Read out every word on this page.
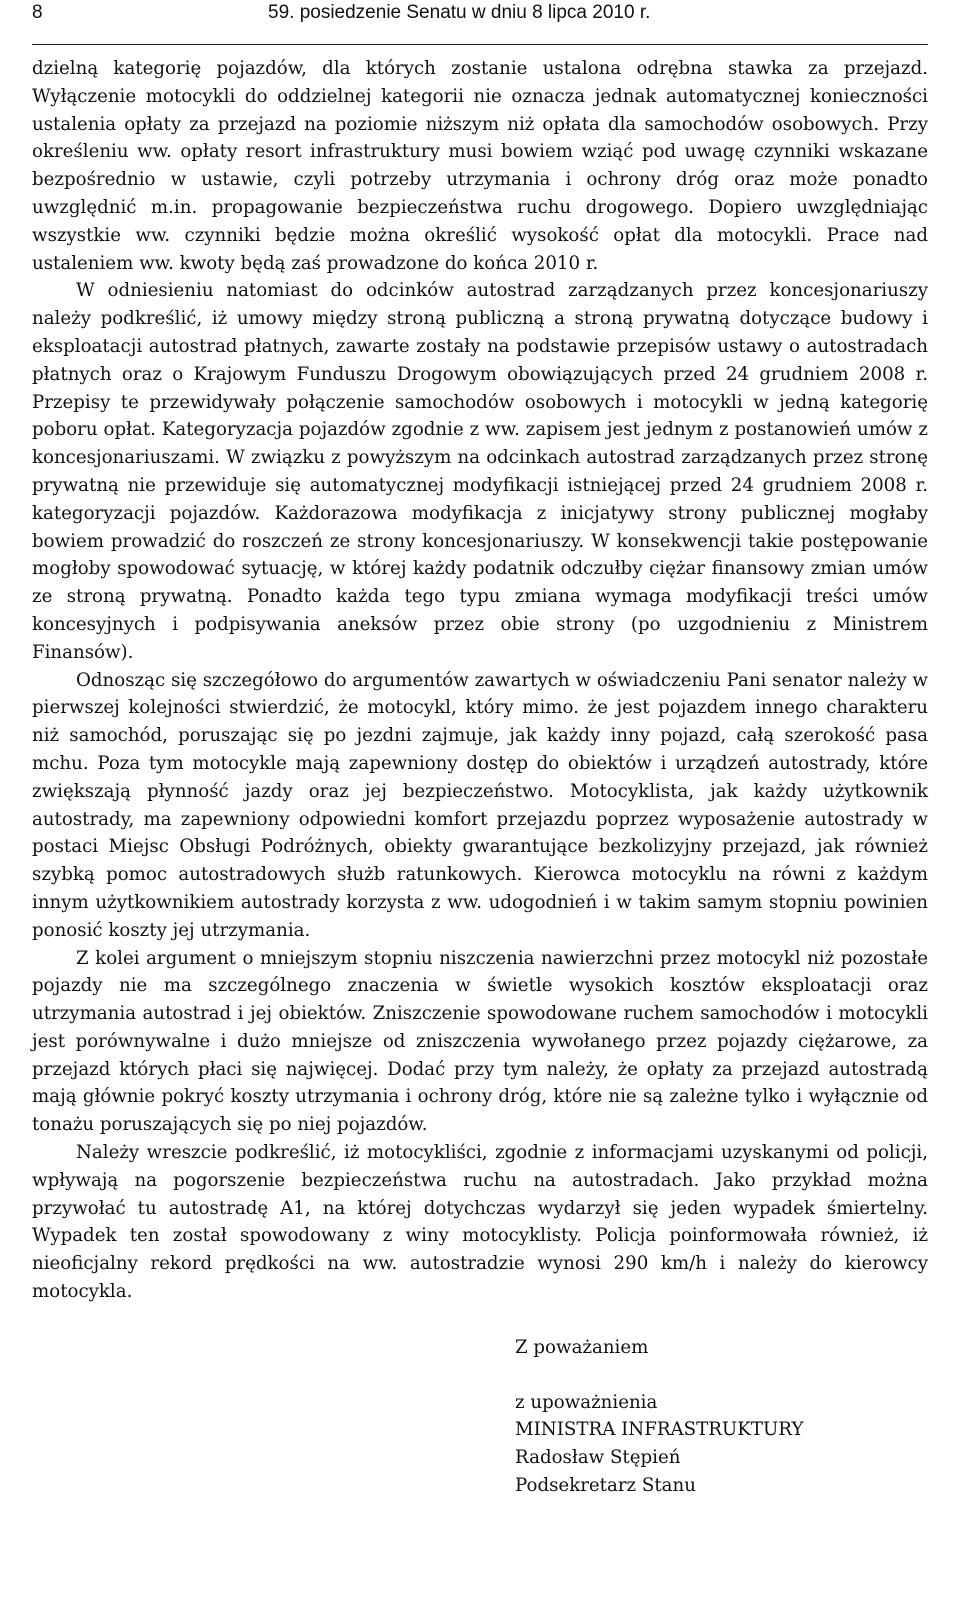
8	59. posiedzenie Senatu w dniu 8 lipca 2010 r.

dzielną kategorię pojazdów, dla których zostanie ustalona odrębna stawka za przejazd. Wyłączenie motocykli do oddzielnej kategorii nie oznacza jednak automatycznej konieczności ustalenia opłaty za przejazd na poziomie niższym niż opłata dla samochodów osobowych. Przy określeniu ww. opłaty resort infrastruktury musi bowiem wziąć pod uwagę czynniki wskazane bezpośrednio w ustawie, czyli potrzeby utrzymania i ochrony dróg oraz może ponadto uwzględnić m.in. propagowanie bezpieczeństwa ruchu drogowego. Dopiero uwzględniając wszystkie ww. czynniki będzie można określić wysokość opłat dla motocykli. Prace nad ustaleniem ww. kwoty będą zaś prowadzone do końca 2010 r.

W odniesieniu natomiast do odcinków autostrad zarządzanych przez koncesjonariuszy należy podkreślić, iż umowy między stroną publiczną a stroną prywatną dotyczące budowy i eksploatacji autostrad płatnych, zawarte zostały na podstawie przepisów ustawy o autostradach płatnych oraz o Krajowym Funduszu Drogowym obowiązujących przed 24 grudniem 2008 r. Przepisy te przewidywały połączenie samochodów osobowych i motocykli w jedną kategorię poboru opłat. Kategoryzacja pojazdów zgodnie z ww. zapisem jest jednym z postanowień umów z koncesjonariuszami. W związku z powyższym na odcinkach autostrad zarządzanych przez stronę prywatną nie przewiduje się automatycznej modyfikacji istniejącej przed 24 grudniem 2008 r. kategoryzacji pojazdów. Każdorazowa modyfikacja z inicjatywy strony publicznej mogłaby bowiem prowadzić do roszczeń ze strony koncesjonariuszy. W konsekwencji takie postępowanie mogłoby spowodować sytuację, w której każdy podatnik odczułby ciężar finansowy zmian umów ze stroną prywatną. Ponadto każda tego typu zmiana wymaga modyfikacji treści umów koncesyjnych i podpisywania aneksów przez obie strony (po uzgodnieniu z Ministrem Finansów).

Odnosząc się szczegółowo do argumentów zawartych w oświadczeniu Pani senator należy w pierwszej kolejności stwierdzić, że motocykl, który mimo. że jest pojazdem innego charakteru niż samochód, poruszając się po jezdni zajmuje, jak każdy inny pojazd, całą szerokość pasa mchu. Poza tym motocykle mają zapewniony dostęp do obiektów i urządzeń autostrady, które zwiększają płynność jazdy oraz jej bezpieczeństwo. Motocyklista, jak każdy użytkownik autostrady, ma zapewniony odpowiedni komfort przejazdu poprzez wyposażenie autostrady w postaci Miejsc Obsługi Podróżnych, obiekty gwarantujące bezkolizyjny przejazd, jak również szybką pomoc autostradowych służb ratunkowych. Kierowca motocyklu na równi z każdym innym użytkownikiem autostrady korzysta z ww. udogodnień i w takim samym stopniu powinien ponosić koszty jej utrzymania.

Z kolei argument o mniejszym stopniu niszczenia nawierzchni przez motocykl niż pozostałe pojazdy nie ma szczególnego znaczenia w świetle wysokich kosztów eksploatacji oraz utrzymania autostrad i jej obiektów. Zniszczenie spowodowane ruchem samochodów i motocykli jest porównywalne i dużo mniejsze od zniszczenia wywołanego przez pojazdy ciężarowe, za przejazd których płaci się najwięcej. Dodać przy tym należy, że opłaty za przejazd autostradą mają głównie pokryć koszty utrzymania i ochrony dróg, które nie są zależne tylko i wyłącznie od tonażu poruszających się po niej pojazdów.

Należy wreszcie podkreślić, iż motocykliści, zgodnie z informacjami uzyskanymi od policji, wpływają na pogorszenie bezpieczeństwa ruchu na autostradach. Jako przykład można przywołać tu autostradę A1, na której dotychczas wydarzył się jeden wypadek śmiertelny. Wypadek ten został spowodowany z winy motocyklisty. Policja poinformowała również, iż nieoficjalny rekord prędkości na ww. autostradzie wynosi 290 km/h i należy do kierowcy motocykla.

Z poważaniem
z upoważnienia
MINISTRA INFRASTRUKTURY
Radosław Stępień
Podsekretarz Stanu
